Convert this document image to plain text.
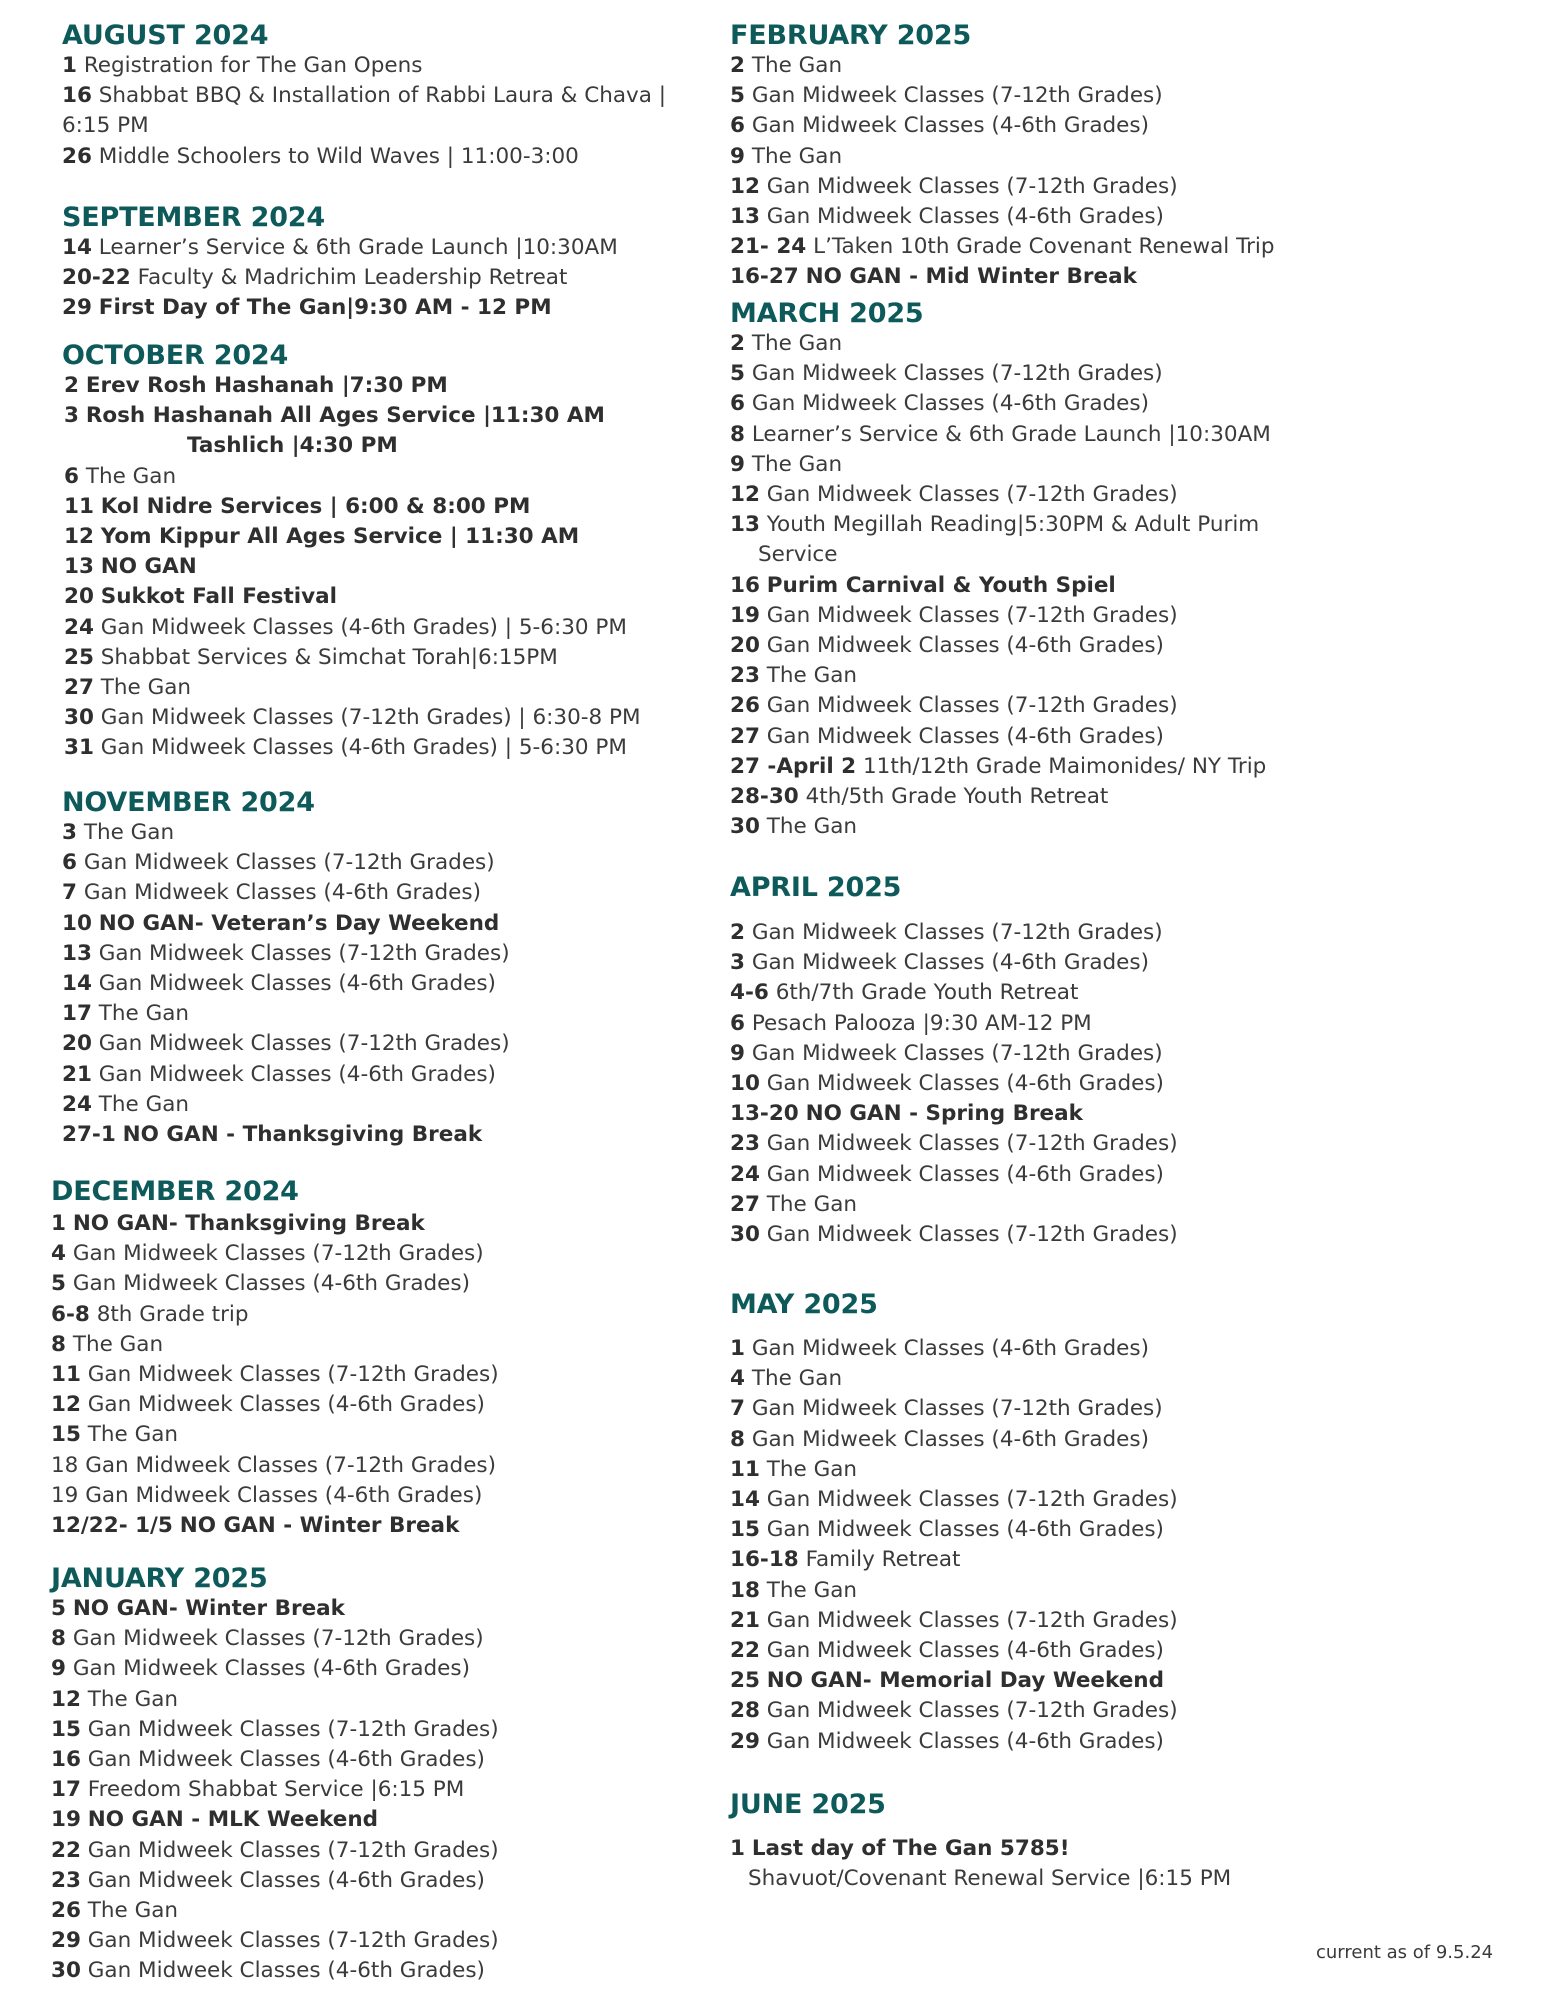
AUGUST 2024
1 Registration for The Gan Opens
16 Shabbat BBQ & Installation of Rabbi Laura & Chava |
6:15 PM
26 Middle Schoolers to Wild Waves | 11:00-3:00
SEPTEMBER 2024
14 Learner’s Service & 6th Grade Launch |10:30AM
20-22 Faculty & Madrichim Leadership Retreat
29 First Day of The Gan|9:30 AM - 12 PM
OCTOBER 2024
2 Erev Rosh Hashanah |7:30 PM
3 Rosh Hashanah All Ages Service |11:30 AM
Tashlich |4:30 PM
6 The Gan
11 Kol Nidre Services | 6:00 & 8:00 PM
12 Yom Kippur All Ages Service | 11:30 AM
13 NO GAN
20 Sukkot Fall Festival
24 Gan Midweek Classes (4-6th Grades) | 5-6:30 PM
25 Shabbat Services & Simchat Torah|6:15PM
27 The Gan
30 Gan Midweek Classes (7-12th Grades) | 6:30-8 PM
31 Gan Midweek Classes (4-6th Grades) | 5-6:30 PM
NOVEMBER 2024
3 The Gan
6 Gan Midweek Classes (7-12th Grades)
7 Gan Midweek Classes (4-6th Grades)
10 NO GAN- Veteran’s Day Weekend
13 Gan Midweek Classes (7-12th Grades)
14 Gan Midweek Classes (4-6th Grades)
17 The Gan
20 Gan Midweek Classes (7-12th Grades)
21 Gan Midweek Classes (4-6th Grades)
24 The Gan
27-1 NO GAN - Thanksgiving Break
DECEMBER 2024
1 NO GAN- Thanksgiving Break
4 Gan Midweek Classes (7-12th Grades)
5 Gan Midweek Classes (4-6th Grades)
6-8 8th Grade trip
8 The Gan
11 Gan Midweek Classes (7-12th Grades)
12 Gan Midweek Classes (4-6th Grades)
15 The Gan
18 Gan Midweek Classes (7-12th Grades)
19 Gan Midweek Classes (4-6th Grades)
12/22- 1/5 NO GAN - Winter Break
JANUARY 2025
5 NO GAN- Winter Break
8 Gan Midweek Classes (7-12th Grades)
9 Gan Midweek Classes (4-6th Grades)
12 The Gan
15 Gan Midweek Classes (7-12th Grades)
16 Gan Midweek Classes (4-6th Grades)
17 Freedom Shabbat Service |6:15 PM
19 NO GAN - MLK Weekend
22 Gan Midweek Classes (7-12th Grades)
23 Gan Midweek Classes (4-6th Grades)
26 The Gan
29 Gan Midweek Classes (7-12th Grades)
30 Gan Midweek Classes (4-6th Grades)
FEBRUARY 2025
2 The Gan
5 Gan Midweek Classes (7-12th Grades)
6 Gan Midweek Classes (4-6th Grades)
9 The Gan
12 Gan Midweek Classes (7-12th Grades)
13 Gan Midweek Classes (4-6th Grades)
21- 24 L’Taken 10th Grade Covenant Renewal Trip
16-27 NO GAN - Mid Winter Break
MARCH 2025
2 The Gan
5 Gan Midweek Classes (7-12th Grades)
6 Gan Midweek Classes (4-6th Grades)
8 Learner’s Service & 6th Grade Launch |10:30AM
9 The Gan
12 Gan Midweek Classes (7-12th Grades)
13 Youth Megillah Reading|5:30PM & Adult Purim
Service
16 Purim Carnival & Youth Spiel
19 Gan Midweek Classes (7-12th Grades)
20 Gan Midweek Classes (4-6th Grades)
23 The Gan
26 Gan Midweek Classes (7-12th Grades)
27 Gan Midweek Classes (4-6th Grades)
27 -April 2 11th/12th Grade Maimonides/ NY Trip
28-30 4th/5th Grade Youth Retreat
30 The Gan
APRIL 2025
2 Gan Midweek Classes (7-12th Grades)
3 Gan Midweek Classes (4-6th Grades)
4-6 6th/7th Grade Youth Retreat
6 Pesach Palooza |9:30 AM-12 PM
9 Gan Midweek Classes (7-12th Grades)
10 Gan Midweek Classes (4-6th Grades)
13-20 NO GAN - Spring Break
23 Gan Midweek Classes (7-12th Grades)
24 Gan Midweek Classes (4-6th Grades)
27 The Gan
30 Gan Midweek Classes (7-12th Grades)
MAY 2025
1 Gan Midweek Classes (4-6th Grades)
4 The Gan
7 Gan Midweek Classes (7-12th Grades)
8 Gan Midweek Classes (4-6th Grades)
11 The Gan
14 Gan Midweek Classes (7-12th Grades)
15 Gan Midweek Classes (4-6th Grades)
16-18 Family Retreat
18 The Gan
21 Gan Midweek Classes (7-12th Grades)
22 Gan Midweek Classes (4-6th Grades)
25 NO GAN- Memorial Day Weekend
28 Gan Midweek Classes (7-12th Grades)
29 Gan Midweek Classes (4-6th Grades)
JUNE 2025
1 Last day of The Gan 5785!
Shavuot/Covenant Renewal Service |6:15 PM
current as of 9.5.24
